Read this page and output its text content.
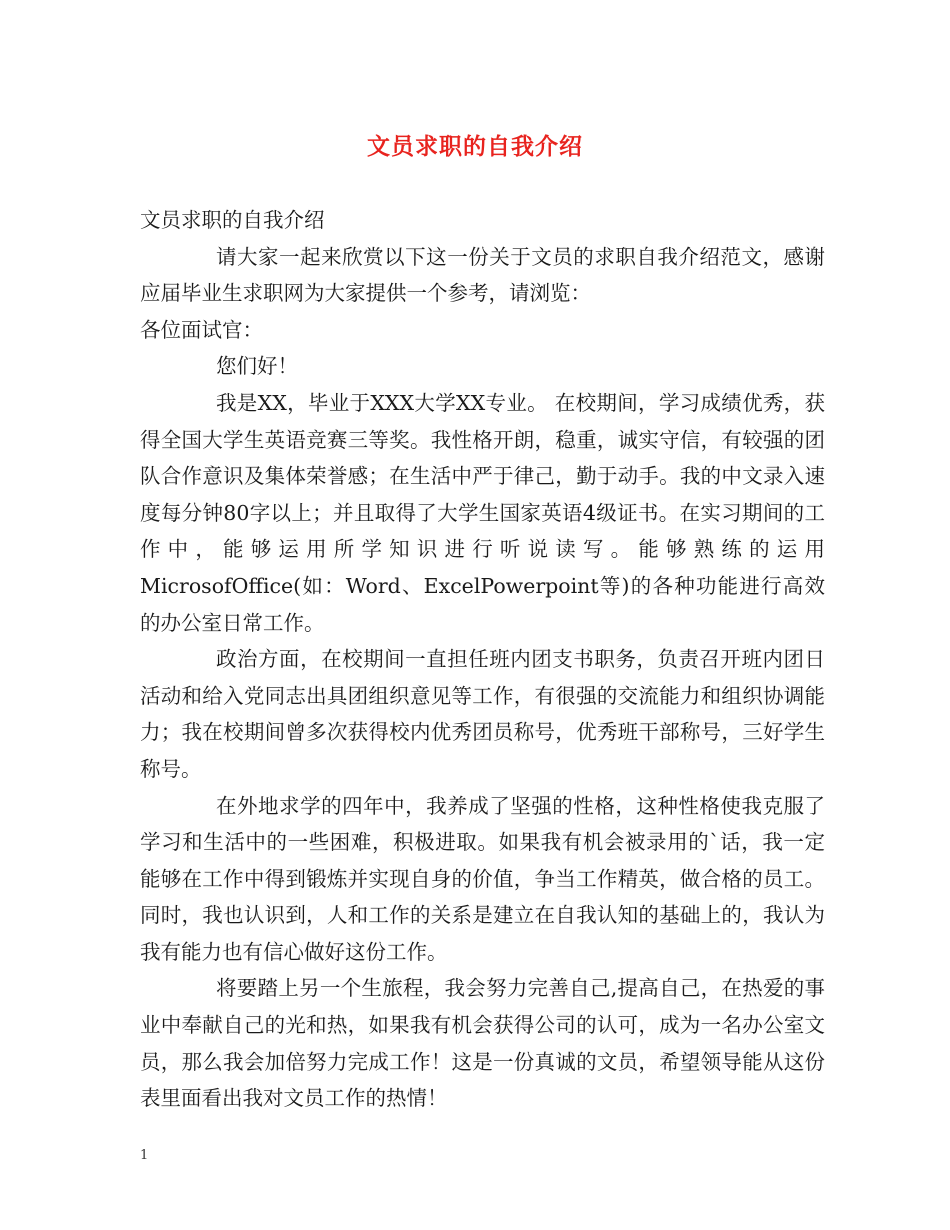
文员求职的自我介绍

文员求职的自我介绍

请大家一起来欣赏以下这一份关于文员的求职自我介绍范文，感谢应届毕业生求职网为大家提供一个参考，请浏览：

各位面试官：

您们好！

我是XX，毕业于XXX大学XX专业。 在校期间，学习成绩优秀，获得全国大学生英语竞赛三等奖。我性格开朗，稳重，诚实守信，有较强的团队合作意识及集体荣誉感；在生活中严于律己，勤于动手。我的中文录入速度每分钟80字以上；并且取得了大学生国家英语4级证书。在实习期间的工作中，能够运用所学知识进行听说读写。能够熟练的运用MicrosofOffice(如：Word、ExcelPowerpoint等)的各种功能进行高效的办公室日常工作。

政治方面，在校期间一直担任班内团支书职务，负责召开班内团日活动和给入党同志出具团组织意见等工作，有很强的交流能力和组织协调能力；我在校期间曾多次获得校内优秀团员称号，优秀班干部称号，三好学生称号。

在外地求学的四年中，我养成了坚强的性格，这种性格使我克服了学习和生活中的一些困难，积极进取。如果我有机会被录用的`话，我一定能够在工作中得到锻炼并实现自身的价值，争当工作精英，做合格的员工。同时，我也认识到，人和工作的关系是建立在自我认知的基础上的，我认为我有能力也有信心做好这份工作。

将要踏上另一个生旅程，我会努力完善自己,提高自己，在热爱的事业中奉献自己的光和热，如果我有机会获得公司的认可，成为一名办公室文员，那么我会加倍努力完成工作！这是一份真诚的文员，希望领导能从这份表里面看出我对文员工作的热情！

1
